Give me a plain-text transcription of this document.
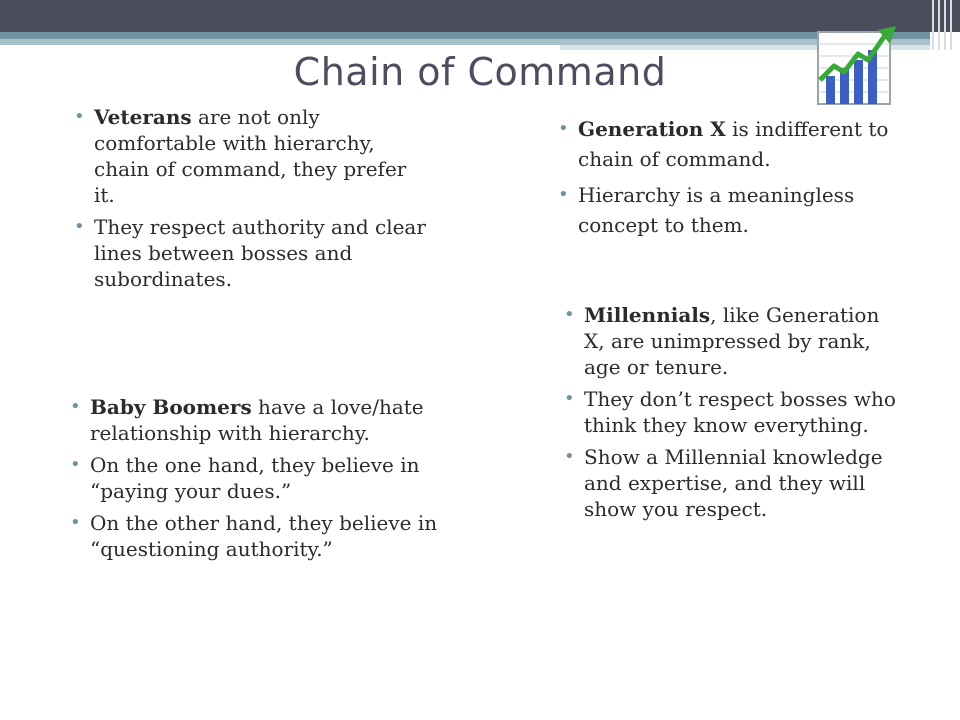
Chain of Command
• Veterans are not only comfortable with hierarchy, chain of command, they prefer it.
• They respect authority and clear lines between bosses and subordinates.
• Generation X is indifferent to chain of command.
• Hierarchy is a meaningless concept to them.
• Baby Boomers have a love/hate relationship with hierarchy.
• On the one hand, they believe in “paying your dues.”
• On the other hand, they believe in “questioning authority.”
• Millennials, like Generation X, are unimpressed by rank, age or tenure.
• They don’t respect bosses who think they know everything.
• Show a Millennial knowledge and expertise, and they will show you respect.
